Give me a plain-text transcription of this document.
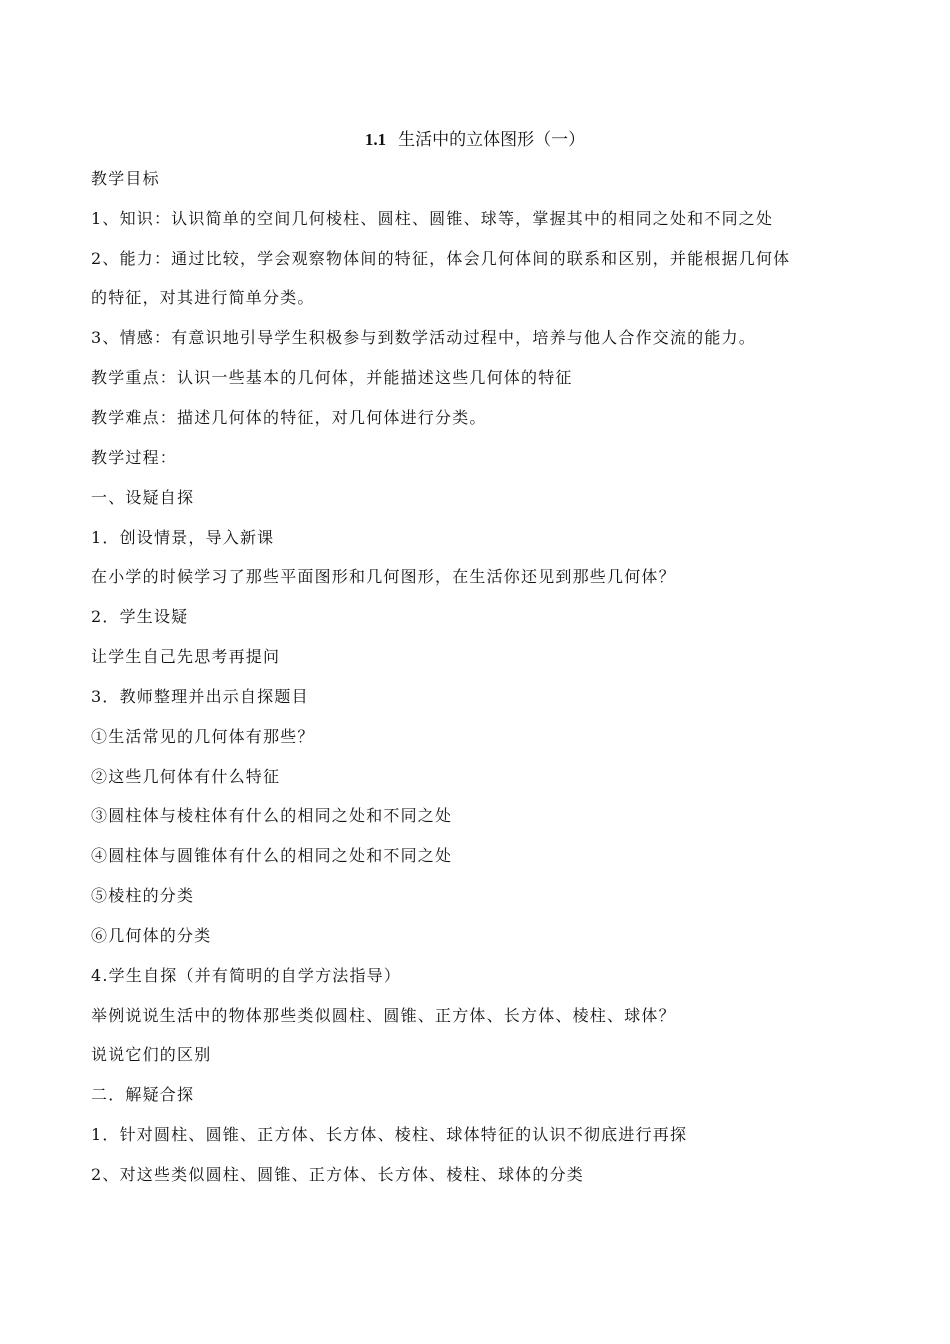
1.1 生活中的立体图形（一）
教学目标
1、知识：认识简单的空间几何棱柱、圆柱、圆锥、球等，掌握其中的相同之处和不同之处
2、能力：通过比较，学会观察物体间的特征，体会几何体间的联系和区别，并能根据几何体
的特征，对其进行简单分类。
3、情感：有意识地引导学生积极参与到数学活动过程中，培养与他人合作交流的能力。
教学重点：认识一些基本的几何体，并能描述这些几何体的特征
教学难点：描述几何体的特征，对几何体进行分类。
教学过程：
一、设疑自探
1．创设情景，导入新课
在小学的时候学习了那些平面图形和几何图形，在生活你还见到那些几何体？
2．学生设疑
让学生自己先思考再提问
3．教师整理并出示自探题目
①生活常见的几何体有那些？
②这些几何体有什么特征
③圆柱体与棱柱体有什么的相同之处和不同之处
④圆柱体与圆锥体有什么的相同之处和不同之处
⑤棱柱的分类
⑥几何体的分类
4.学生自探（并有简明的自学方法指导）
举例说说生活中的物体那些类似圆柱、圆锥、正方体、长方体、棱柱、球体？
说说它们的区别
二．解疑合探
1．针对圆柱、圆锥、正方体、长方体、棱柱、球体特征的认识不彻底进行再探
2、对这些类似圆柱、圆锥、正方体、长方体、棱柱、球体的分类
